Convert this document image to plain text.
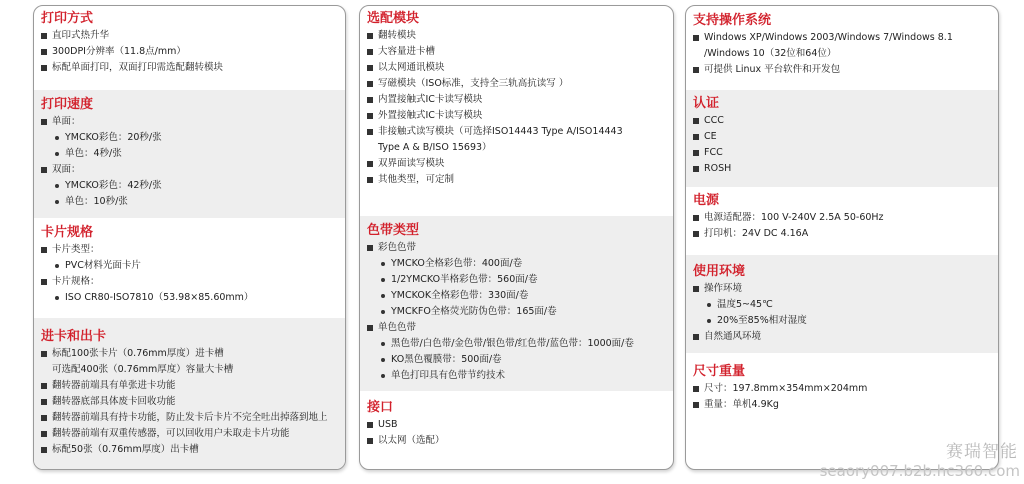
打印方式
直印式热升华
300DPI分辨率（11.8点/mm）
标配单面打印，双面打印需选配翻转模块
打印速度
单面：
YMCKO彩色：20秒/张
单色：4秒/张
双面：
YMCKO彩色：42秒/张
单色：10秒/张
卡片规格
卡片类型：
PVC材料光面卡片
卡片规格：
ISO CR80-ISO7810（53.98×85.60mm）
进卡和出卡
标配100张卡片（0.76mm厚度）进卡槽
可选配400张（0.76mm厚度）容量大卡槽
翻转器前端具有单张进卡功能
翻转器底部具体废卡回收功能
翻转器前端具有持卡功能，防止发卡后卡片不完全吐出掉落到地上
翻转器前端有双重传感器，可以回收用户未取走卡片功能
标配50张（0.76mm厚度）出卡槽
选配模块
翻转模块
大容量进卡槽
以太网通讯模块
写磁模块（ISO标准，支持全三轨高抗读写 ）
内置接触式IC卡读写模块
外置接触式IC卡读写模块
非接触式读写模块（可选择ISO14443 Type A/ISO14443
Type A & B/ISO 15693）
双界面读写模块
其他类型，可定制
色带类型
彩色色带
YMCKO全格彩色带：400面/卷
1/2YMCKO半格彩色带：560面/卷
YMCKOK全格彩色带：330面/卷
YMCKFO全格荧光防伪色带：165面/卷
单色色带
黑色带/白色带/金色带/银色带/红色带/蓝色带：1000面/卷
KO黑色覆膜带：500面/卷
单色打印具有色带节约技术
接口
USB
以太网（选配）
支持操作系统
Windows XP/Windows 2003/Windows 7/Windows 8.1
/Windows 10（32位和64位）
可提供 Linux 平台软件和开发包
认证
CCC
CE
FCC
ROSH
电源
电源适配器：100 V-240V 2.5A 50-60Hz
打印机：24V DC 4.16A
使用环境
操作环境
温度5~45℃
20%至85%相对湿度
自然通风环境
尺寸重量
尺寸：197.8mm×354mm×204mm
重量：单机4.9Kg
赛瑞智能
seaory007.b2b.hc360.com
